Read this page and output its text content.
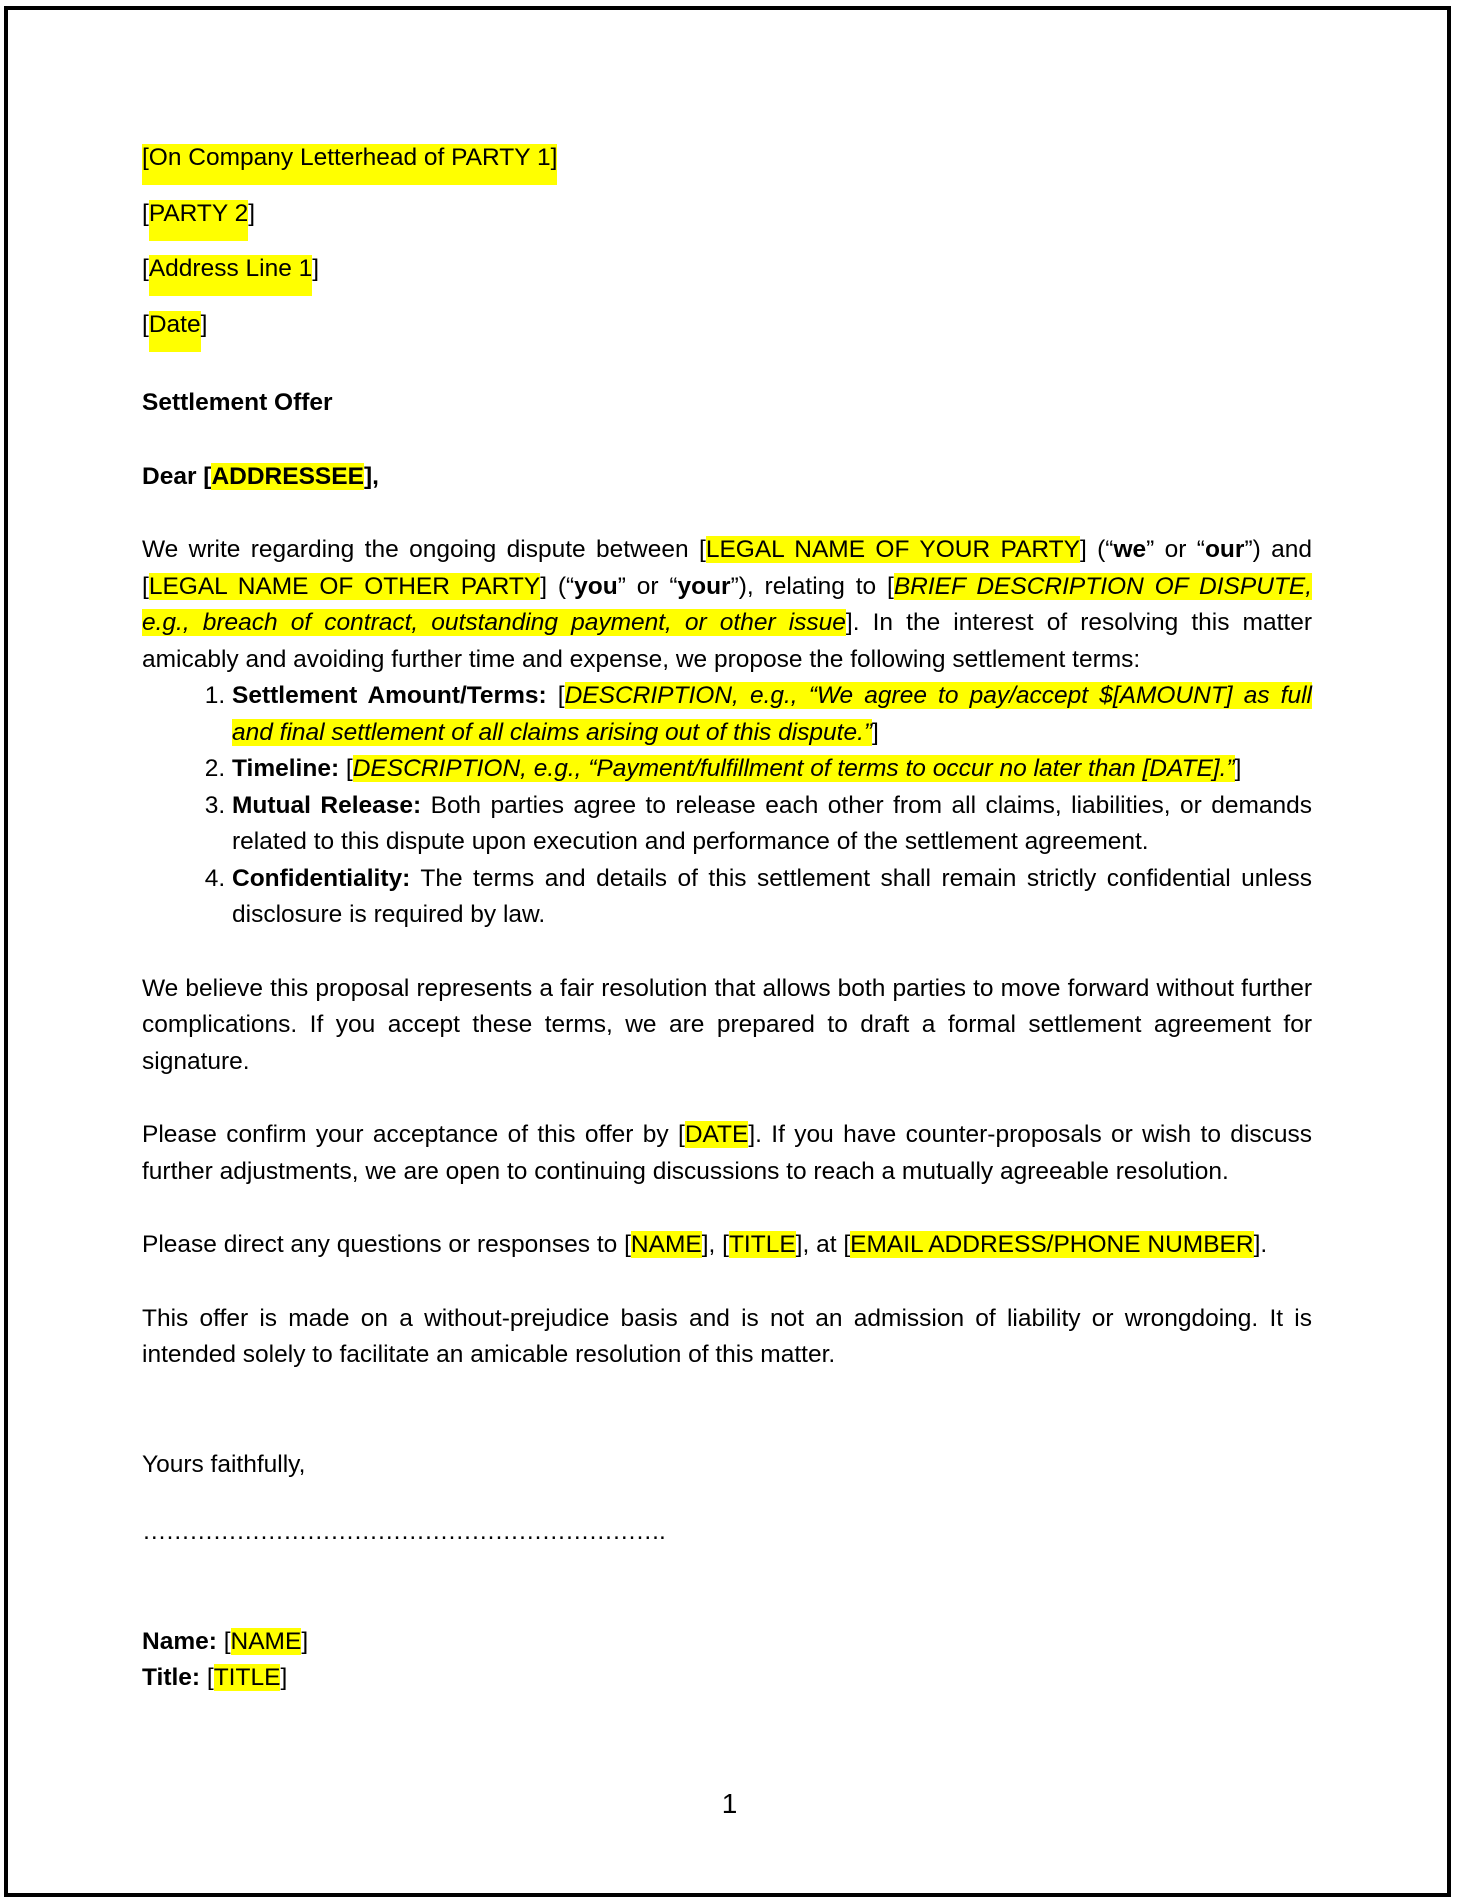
[On Company Letterhead of PARTY 1]

[PARTY 2]

[Address Line 1]

[Date]

Settlement Offer

Dear [ADDRESSEE],

We write regarding the ongoing dispute between [LEGAL NAME OF YOUR PARTY] (“we” or “our”) and [LEGAL NAME OF OTHER PARTY] (“you” or “your”), relating to [BRIEF DESCRIPTION OF DISPUTE, e.g., breach of contract, outstanding payment, or other issue]. In the interest of resolving this matter amicably and avoiding further time and expense, we propose the following settlement terms:

1. Settlement Amount/Terms: [DESCRIPTION, e.g., “We agree to pay/accept $[AMOUNT] as full and final settlement of all claims arising out of this dispute.”]
2. Timeline: [DESCRIPTION, e.g., “Payment/fulfillment of terms to occur no later than [DATE].”]
3. Mutual Release: Both parties agree to release each other from all claims, liabilities, or demands related to this dispute upon execution and performance of the settlement agreement.
4. Confidentiality: The terms and details of this settlement shall remain strictly confidential unless disclosure is required by law.

We believe this proposal represents a fair resolution that allows both parties to move forward without further complications. If you accept these terms, we are prepared to draft a formal settlement agreement for signature.

Please confirm your acceptance of this offer by [DATE]. If you have counter-proposals or wish to discuss further adjustments, we are open to continuing discussions to reach a mutually agreeable resolution.

Please direct any questions or responses to [NAME], [TITLE], at [EMAIL ADDRESS/PHONE NUMBER].

This offer is made on a without-prejudice basis and is not an admission of liability or wrongdoing. It is intended solely to facilitate an amicable resolution of this matter.

Yours faithfully,

………………………………………………………….

Name: [NAME]

Title: [TITLE]

1
